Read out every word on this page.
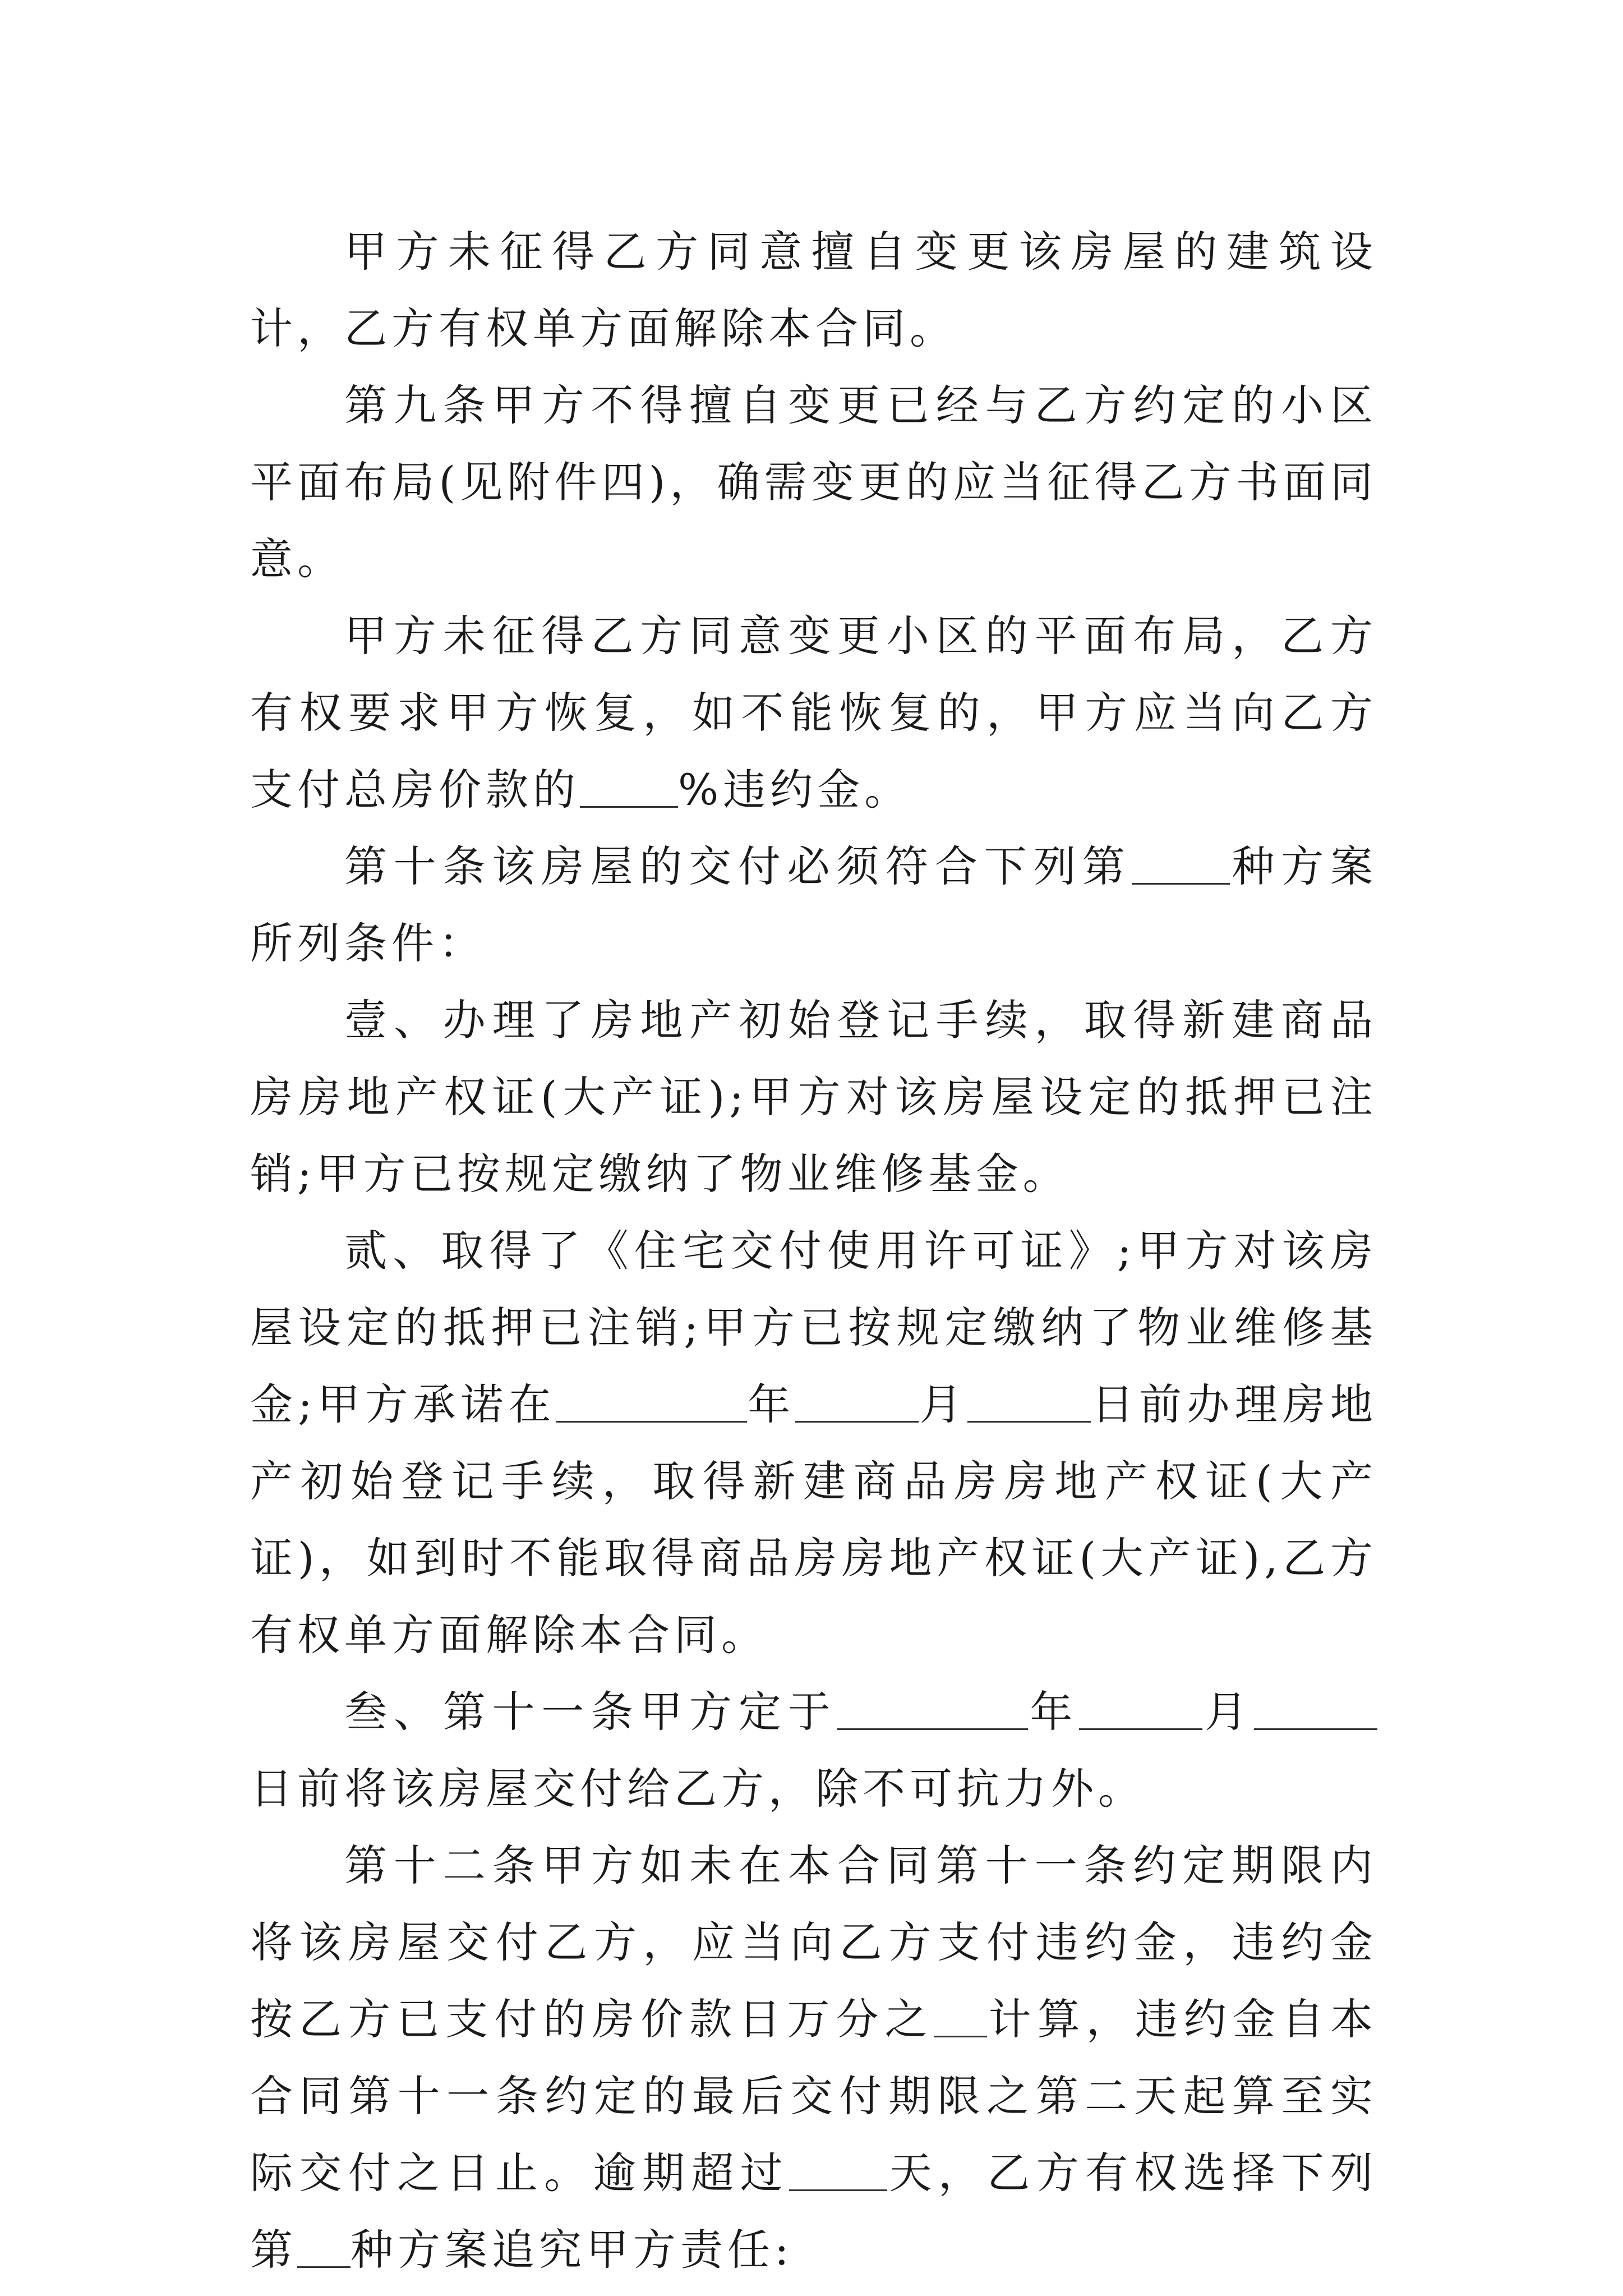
甲方未征得乙方同意擅自变更该房屋的建筑设计，乙方有权单方面解除本合同。

第九条甲方不得擅自变更已经与乙方约定的小区平面布局(见附件四)，确需变更的应当征得乙方书面同意。

甲方未征得乙方同意变更小区的平面布局，乙方有权要求甲方恢复，如不能恢复的，甲方应当向乙方支付总房价款的 %违约金。

第十条该房屋的交付必须符合下列第 种方案所列条件：

壹、办理了房地产初始登记手续，取得新建商品房房地产权证(大产证);甲方对该房屋设定的抵押已注销;甲方已按规定缴纳了物业维修基金。

贰、取得了《住宅交付使用许可证》;甲方对该房屋设定的抵押已注销;甲方已按规定缴纳了物业维修基金;甲方承诺在	年	月	日前办理房地产初始登记手续，取得新建商品房房地产权证(大产证)，如到时不能取得商品房房地产权证(大产证),乙方有权单方面解除本合同。

叁、第十一条甲方定于	年	月日前将该房屋交付给乙方，除不可抗力外。

第十二条甲方如未在本合同第十一条约定期限内将该房屋交付乙方，应当向乙方支付违约金，违约金按乙方已支付的房价款日万分之 计算，违约金自本合同第十一条约定的最后交付期限之第二天起算至实际交付之日止。逾期超过 天，乙方有权选择下列第 种方案追究甲方责任:
